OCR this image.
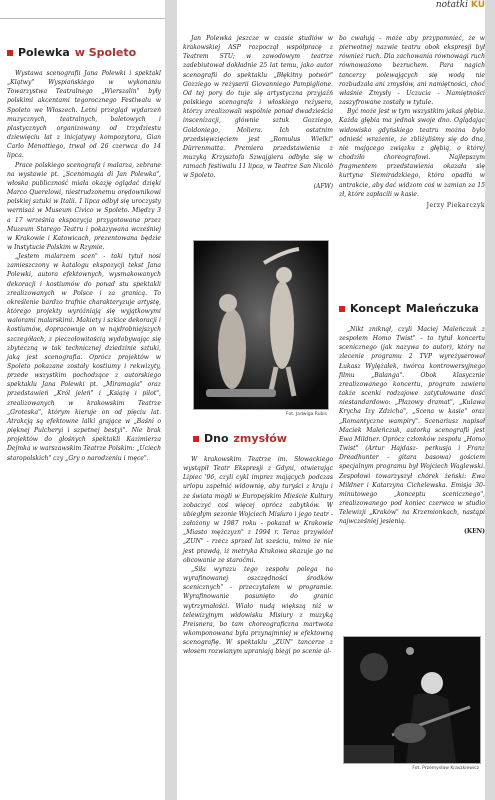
Polewka w Spoleto

Wystawa scenografii Jana Polewki i spektakl „Klątwy" Wyspiańskiego w wykonaniu Towarzystwa Teatralnego „Wierszalin" były polskimi akcentami tegorocznego Festiwalu w Spoleto we Włoszech. Letni przegląd wydarzeń muzycznych, teatralnych, baletowych i plastycznych organizowany od trzydziestu dziewięciu lat z inicjatywy kompozytora, Gian Carlo Menottiego, trwał od 26 czerwca do 14 lipca.

Prace polskiego scenografa i malarza, zebrane na wystawie pt. „Scenomagia di Jan Polewka", włoska publiczność miała okazję oglądać dzięki Marco Querelowi, niestrudzonemu orędownikowi polskiej sztuki w Italii. 1 lipca odbył się uroczysty wernisaż w Museum Civico w Spoleto. Między 3 a 17 września ekspozycja przygotowana przez Muzeum Starego Teatru i pokazywana wcześniej w Krakowie i Katowicach, prezentowana będzie w Instytucie Polskim w Rzymie.

„Jestem malarzem scen" - taki tytuł nosi zamieszczony w katalogu ekspozycji tekst Jana Polewki, autora efektownych, wysmakowanych dekoracji i kostiumów do ponad stu spektakli zrealizowanych w Polsce i za granicą. To określenie bardzo trafnie charakteryzuje artystę, którego projekty wyróżniają się wyjątkowymi walorami malarskimi. Makiety i szkice dekoracji i kostiumów, dopracowuje on w najdrobniejszych szczegółach, z pieczołowitością wydobywając się zbyteczną w tak technicznej dziedzinie sztuki, jaką jest scenografia. Oprócz projektów w Spoleto pokazane zostały kostiumy i rekwizyty, przede wszystkim pochodzące z autorskiego spektaklu Jana Polewki pt. „Miramagia" oraz przedstawień „Król jeleń" i „Książę i pilot", zrealizowanych w krakowskim Teatrze „Groteska", którym kieruje on od pięciu lat. Atrakcją są efektowne lalki grające w „Baśni o pięknej Pulcheryi i szpetnej bestyi". Nie brak projektów do głośnych spektakli Kazimierza Dejmka w warszawskim Teatrze Polskim: „Uciech staropolskich" czy „Gry o narodzeniu i męce".

Jan Polewka jeszcze w czasie studiów w krakowskiej ASP rozpoczął współpracę z Teatrem STU; w zawodowym teatrze zadebiutował dokładnie 25 lat temu, jako autor scenografii do spektaklu „Błękitny potwór" Gozziego w reżyserii Giovanniego Pampiglione. Od tej pory do tuje się artystyczna przyjaźń polskiego scenografa i włoskiego reżysera, którzy zrealizowali wspólnie ponad dwadzieścia inscenizacji, głównie sztuk Gozziego, Goldoniego, Moliera. Ich ostatnim przedsięwzięciem jest „Romulus Wielki" Dürrenmatta. Premiera przedstawienia z muzyką Krzysztofa Szwajgiera odbyła się w ramach festiwalu 11 lipca, w Teatrze San Nicolò w Spoleto.

(AFW)
Fot. Jadwiga Rubis
Dno zmysłów

W krakowskim Teatrze im. Słowackiego wystąpił Teatr Ekspresji z Gdyni, otwierając Lipiec '96, czyli cykl imprez mających podczas urlopu zapełnić widownię, aby turyści z kraju i ze świata mogli w Europejskim Mieście Kultury zobaczyć coś więcej oprócz zabytków. W ubiegłym sezonie Wojciech Misiuro i jego teatr - założony w 1987 roku - pokazał w Krakowie „Miasto mężczyzn" z 1994 r. Teraz przywiózł „ZUN" - rzecz sprzed lat sześciu, mimo że nie jest prawdą, iż metryka Krakowa skazuje go na obcowanie ze staroćmi.

„Siła wyrazu tego zespołu polega na wyrafinowanej oszczędności środków scenicznych" - przeczytałem w programie. Wyrafinowanie posunięto do granic wytrzymałości. Wiało nudą większą niż w telewizyjnym widowisku Misiury z muzyką Preisnera, bo tam choreograficzna martwota wkomponowana była przynajmniej w efektowną scenografię. W spektaklu „ZUN" tancerze z włosem rozwianym upraniają biegi po scenie al-

notatki KU

bo cwałują - może aby przypomnieć, że w pierwotnej nazwie teatru obok ekspresji był również ruch. Dla zachowania równowagi ruch równoważono bezruchem. Para nagich tancerzy polewających się wodą nie rozbudzała ani zmysłów, ani namiętności, choć właśnie Zmysły - Uczucia - Namiętności zaszyfrowane zostały w tytule.

Być może jest w tym wszystkim jakaś głębia. Każda głębia ma jednak swoje dno. Oglądając widowisko gdyńskiego teatru można było odnieść wrażenie, że zbliżyliśmy się do dna, nie mającego związku z głębią, o której chodziło choreografowi. Najlepszym fragmentem przedstawienia okazała się kurtyna Siemiradzkiego, która opadła w antrakcie, aby dać widzom coś w zamian za 15 zł, które zapłacili w kasie.

Jerzy Piekarczyk
Koncept Maleńczuka

„Nikt zniknął, czyli Maciej Maleńczuk z zespołem Homo Twist" - to tytuł koncertu scenicznego (jak nazywa to autor), który na zlecenie programu 2 TVP wyreżyserował Łukasz Wylężałek, twórca kontrowersyjnego filmu „Balanga". Obok klasycznie zrealizowanego koncertu, program zawiera także scenki rodzajowe zatytułowane dość niestandardowo: „Płazowy dramat", „Kulawa Krycha Izy Zdzicha", „Scena w kasie" oraz „Romantyczne wampiry". Scenariusz napisał Maciek Maleńczuk, autorką scenografii jest Ewa Mildner. Oprócz członków zespołu „Homo Twist" (Artur Hajdasz- perkusja i Franz Dreadhunter - gitara basowa) gościem specjalnym programu był Wojciech Waglewski. Zespołowi towarzyszył chórek żeński: Ewa Mildner i Katarzyna Cichelewska. Emisja 30-minutowego „konceptu scenicznego", zrealizowanego pod koniec czerwca w studio Telewizji „Kraków" na Krzemionkach, nastąpi najwcześniej jesienią.

(KEN)
Fot. Przemysław Kraszkiewicz
